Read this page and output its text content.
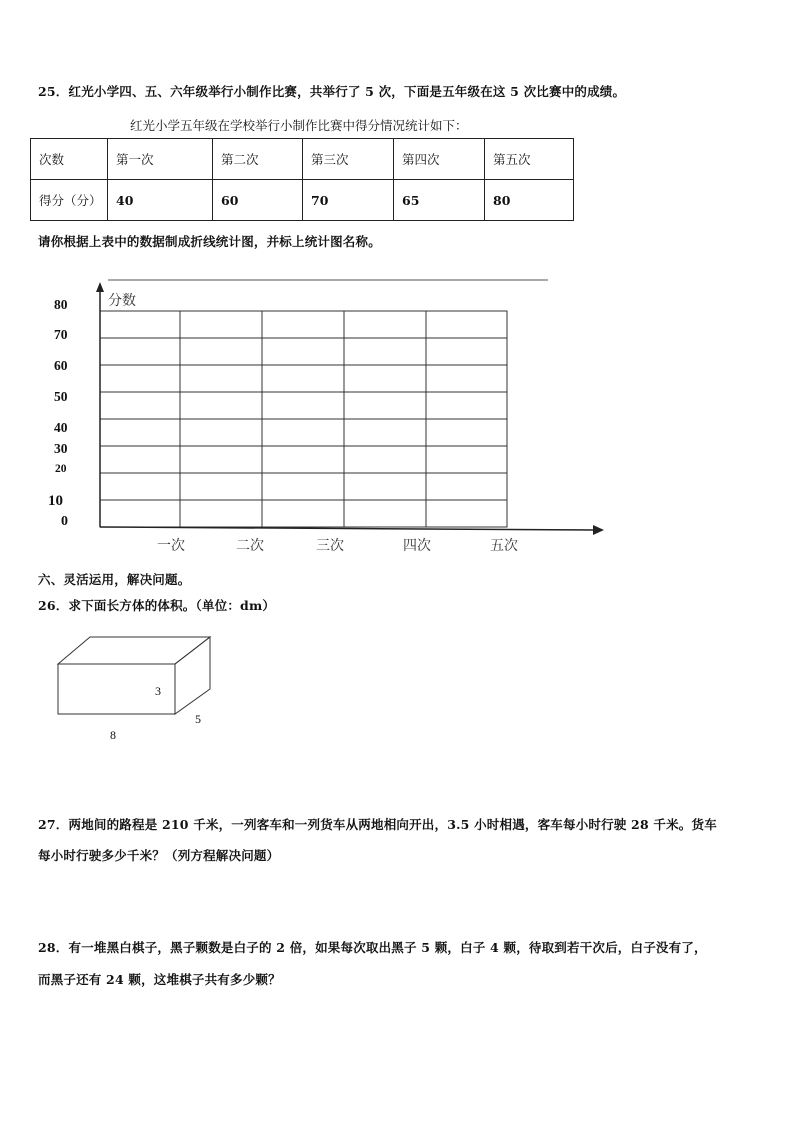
25．红光小学四、五、六年级举行小制作比赛，共举行了 5 次，下面是五年级在这 5 次比赛中的成绩。
红光小学五年级在学校举行小制作比赛中得分情况统计如下：
次数	第一次	第二次	第三次	第四次	第五次
得分（分）	40	60	70	65	80
请你根据上表中的数据制成折线统计图，并标上统计图名称。
分数
80
70
60
50
40
30
20
10
0
一次	二次	三次	四次	五次
六、灵活运用，解决问题。
26．求下面长方体的体积。（单位：dm）
3
5
8
27．两地间的路程是 210 千米，一列客车和一列货车从两地相向开出，3.5 小时相遇，客车每小时行驶 28 千米。货车
每小时行驶多少千米？（列方程解决问题）
28．有一堆黑白棋子，黑子颗数是白子的 2 倍，如果每次取出黑子 5 颗，白子 4 颗，待取到若干次后，白子没有了，
而黑子还有 24 颗，这堆棋子共有多少颗？
